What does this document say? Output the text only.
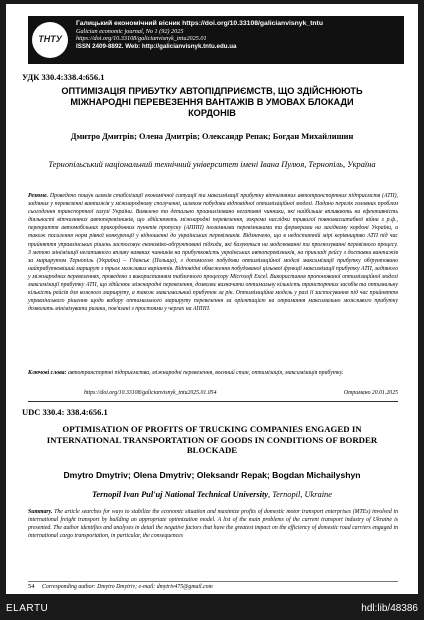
ТНТУ
Галицький економічний вісник https://doi.org/10.33108/galicianvisnyk_tntu
Galician economic journal, No 1 (92) 2025
https://doi.org/10.33108/galicianvisnyk_tntu2025.01
ISSN 2409-8892. Web: http://galicianvisnyk.tntu.edu.ua
УДК 330.4:338.4:656.1
ОПТИМІЗАЦІЯ ПРИБУТКУ АВТОПІДПРИЄМСТВ, ЩО ЗДІЙСНЮЮТЬ МІЖНАРОДНІ ПЕРЕВЕЗЕННЯ ВАНТАЖІВ В УМОВАХ БЛОКАДИ КОРДОНІВ
Дмитро Дмитрів; Олена Дмитрів; Олександр Репак; Богдан Михайлишин
Тернопільський національний технічний університет імені Івана Пулюя, Тернопіль, Україна
Резюме. Проведено пошук шляхів стабілізації економічної ситуації та максимізації прибутку вітчизняних автотранспортних підприємств (АТП), задіяних у перевезенні вантажів у міжнародному сполученні, шляхом побудови відповідної оптимізаційної моделі. Подано перелік головних проблем сьогодення транспортної галузі України. Виявлено та детально проаналізовано негативні чинники, які найбільше впливають на ефективність діяльності вітчизняних автоперевізників, що здійснюють міжнародні перевезення, зокрема наслідки тривалої повномасштабної війни з р.ф., перекриття автомобільних прикордонних пунктів пропуску (АППП) іноземними перевізниками та фермерами на західному кордоні України, а також посилення норм рівної конкуренції у відношенні до українських перевізників. Відзначено, що в недостатній мірі керівництво АТП під час прийняття управлінських рішень застосовує економіко-обґрунтовані підходи, які базуються на моделюванні та прогнозуванні перевізного процесу. З метою мінімізації негативного впливу наявних чинників на прибутковість українських автоперевізників, на прикладі рейсу з доставки вантажів за маршрутом Тернопіль (Україна) – Гданськ (Польща), з допомогою побудови оптимізаційної моделі максимізації прибутку обґрунтовано найприбутковіший маршрут з трьох можливих варіантів. Відповідні обмеження побудованої цільової функції максимізації прибутку АТП, задіяного у міжнародних перевезеннях, проведено з використанням табличного процесору Microsoft Excel. Використання пропонованої оптимізаційної моделі максимізації прибутку АТП, що здійснює міжнародні перевезення, дозволяє визначати оптимальну кількість транспортних засобів та оптимальну кількість рейсів для кожного маршруту, а також максимальний прибуток за рік. Оптимізаційна модель у разі її застосування під час прийняття управлінського рішення щодо вибору оптимального маршруту перевезення за орієнтацією на отримання максимально можливого прибутку дозволить мінімізувати ризики, пов'язані з простоями у чергах на АППП.
Ключові слова: автотранспортні підприємства, міжнародні перевезення, воєнний стан, оптимізація, максимізація прибутку.
https://doi.org/10.33108/galicianvisnyk_tntu2025.01.054	Отримано 20.01.2025
UDC 330.4: 338.4:656.1
OPTIMISATION OF PROFITS OF TRUCKING COMPANIES ENGAGED IN INTERNATIONAL TRANSPORTATION OF GOODS IN CONDITIONS OF BORDER BLOCKADE
Dmytro Dmytriv; Olena Dmytriv; Oleksandr Repak; Bogdan Michailyshyn
Ternopil Ivan Pul'uj National Technical University, Ternopil, Ukraine
Summary. The article searches for ways to stabilize the economic situation and maximize profits of domestic motor transport enterprises (MTEs) involved in international freight transport by building an appropriate optimization model. A list of the main problems of the current transport industry of Ukraine is presented. The author identifies and analyses in detail the negative factors that have the greatest impact on the efficiency of domestic road carriers engaged in international cargo transportation, in particular, the consequences
54 Corresponding author: Dmytro Dmytriv; e-mail: dmytriv475@gmail.com
ELARTU	hdl:lib/48386
